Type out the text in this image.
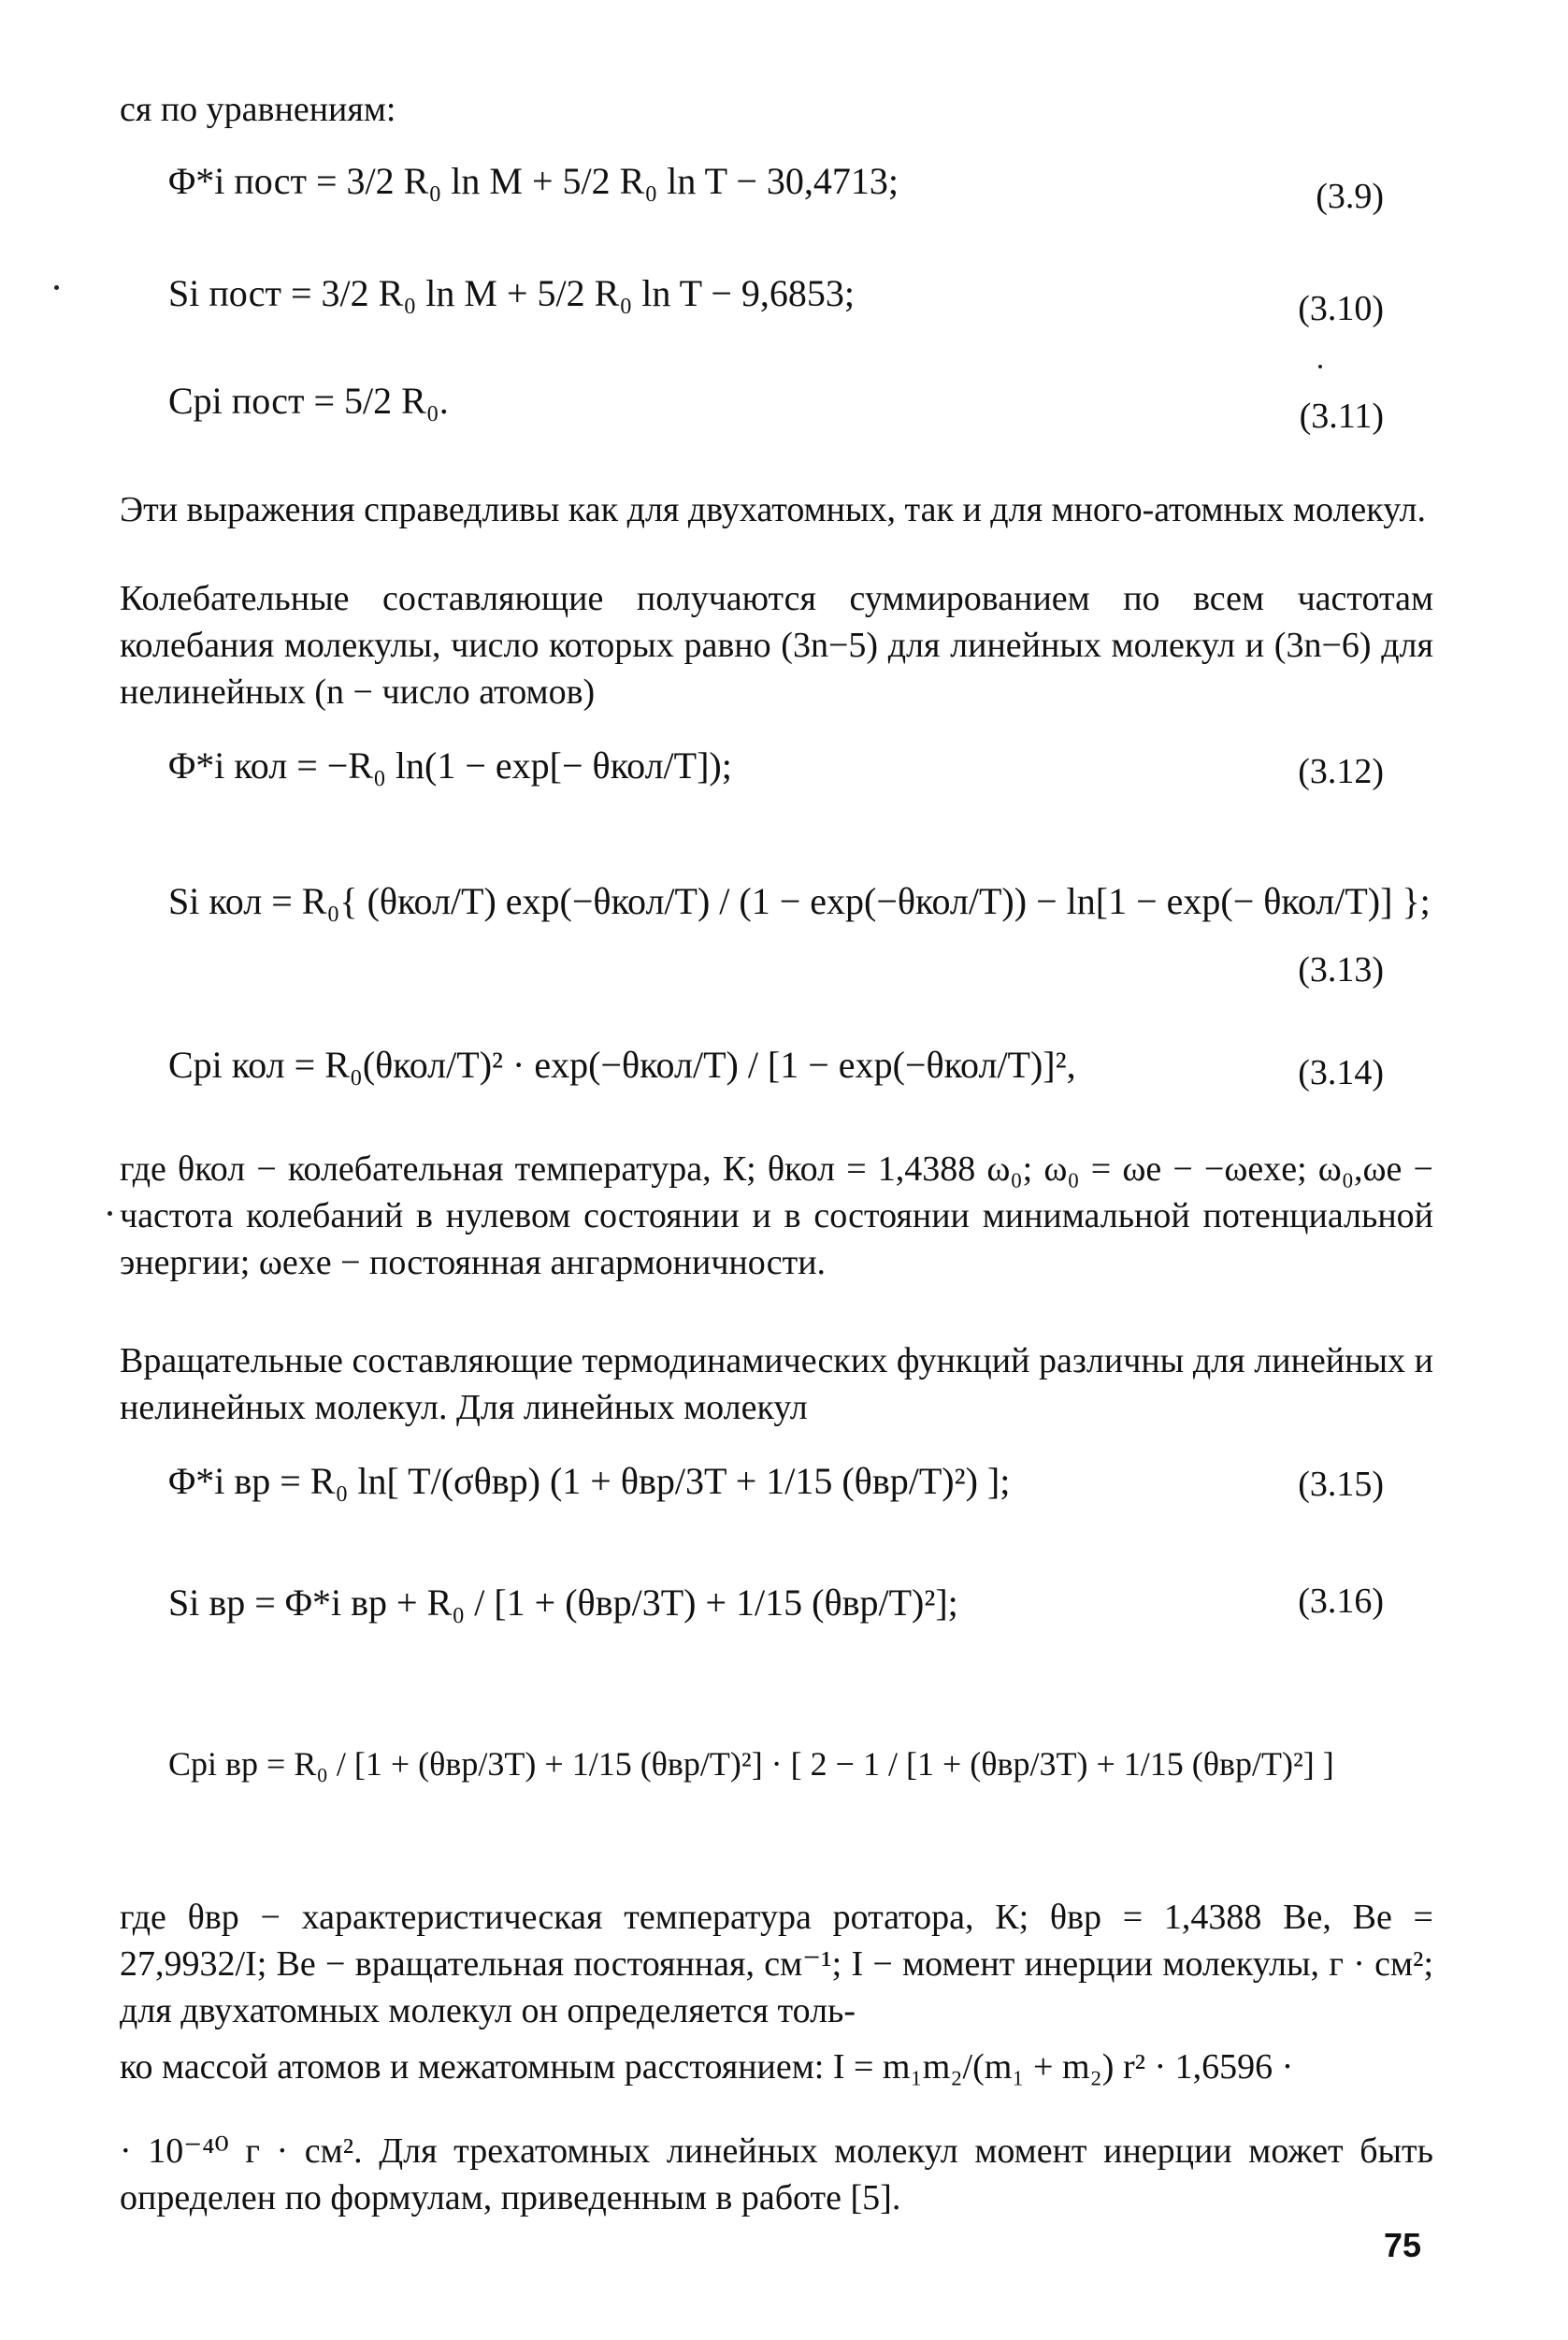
ся по уравнениям:
Φ*i пост = 3/2 R₀ ln M + 5/2 R₀ ln T − 30,4713;	(3.9)
Si пост = 3/2 R₀ ln M + 5/2 R₀ ln T − 9,6853;	(3.10)
Cpi пост = 5/2 R₀.	(3.11)
Эти выражения справедливы как для двухатомных, так и для много-атомных молекул.
Колебательные составляющие получаются суммированием по всем частотам колебания молекулы, число которых равно (3n−5) для линейных молекул и (3n−6) для нелинейных (n − число атомов)
Φ*i кол = −R₀ ln(1 − exp[− θкол/T]);	(3.12)
Si кол = R₀{ (θкол/T) exp(−θкол/T) / (1 − exp(−θкол/T)) − ln[1 − exp(− θкол/T)] };
(3.13)
Cpi кол = R₀(θкол/T)² · exp(−θкол/T) / [1 − exp(−θкол/T)]²,	(3.14)
где θкол − колебательная температура, К; θкол = 1,4388 ω₀; ω₀ = ωe − −ωexe; ω₀,ωe − частота колебаний в нулевом состоянии и в состоянии минимальной потенциальной энергии; ωexe − постоянная ангармоничности.
Вращательные составляющие термодинамических функций различны для линейных и нелинейных молекул. Для линейных молекул
Φ*i вр = R₀ ln[ T/(σθвр) (1 + θвр/3T + 1/15 (θвр/T)²) ];	(3.15)
Si вр = Φ*i вр + R₀ / [1 + (θвр/3T) + 1/15 (θвр/T)²];	(3.16)
Cpi вр = R₀ / [1 + (θвр/3T) + 1/15 (θвр/T)²] · [ 2 − 1 / [1 + (θвр/3T) + 1/15 (θвр/T)²] ]
где θвр − характеристическая температура ротатора, К; θвр = 1,4388 Be, Be = 27,9932/I; Be − вращательная постоянная, см⁻¹; I − момент инерции молекулы, г · см²; для двухатомных молекул он определяется толь-
ко массой атомов и межатомным расстоянием: I = m₁m₂/(m₁ + m₂) r² · 1,6596 ·
· 10⁻⁴⁰ г · см². Для трехатомных линейных молекул момент инерции может быть определен по формулам, приведенным в работе [5].
75
